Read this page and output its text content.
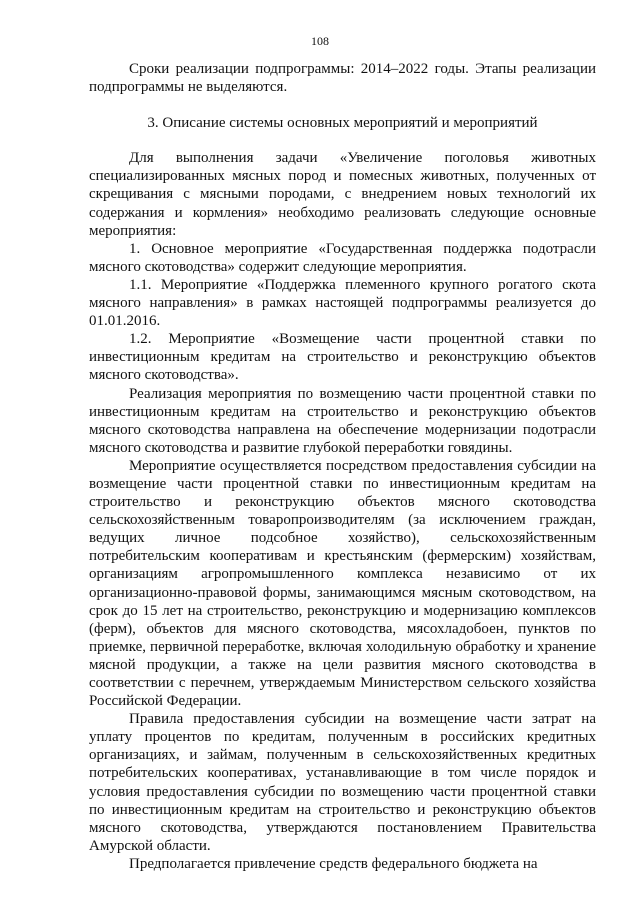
108

Сроки реализации подпрограммы: 2014–2022 годы. Этапы реализации подпрограммы не выделяются.

3. Описание системы основных мероприятий и мероприятий

Для выполнения задачи «Увеличение поголовья животных специализированных мясных пород и помесных животных, полученных от скрещивания с мясными породами, с внедрением новых технологий их содержания и кормления» необходимо реализовать следующие основные мероприятия:

1. Основное мероприятие «Государственная поддержка подотрасли мясного скотоводства» содержит следующие мероприятия.

1.1. Мероприятие «Поддержка племенного крупного рогатого скота мясного направления» в рамках настоящей подпрограммы реализуется до 01.01.2016.

1.2. Мероприятие «Возмещение части процентной ставки по инвестиционным кредитам на строительство и реконструкцию объектов мясного скотоводства».

Реализация мероприятия по возмещению части процентной ставки по инвестиционным кредитам на строительство и реконструкцию объектов мясного скотоводства направлена на обеспечение модернизации подотрасли мясного скотоводства и развитие глубокой переработки говядины.

Мероприятие осуществляется посредством предоставления субсидии на возмещение части процентной ставки по инвестиционным кредитам на строительство и реконструкцию объектов мясного скотоводства сельскохозяйственным товаропроизводителям (за исключением граждан, ведущих личное подсобное хозяйство), сельскохозяйственным потребительским кооперативам и крестьянским (фермерским) хозяйствам, организациям агропромышленного комплекса независимо от их организационно-правовой формы, занимающимся мясным скотоводством, на срок до 15 лет на строительство, реконструкцию и модернизацию комплексов (ферм), объектов для мясного скотоводства, мясохладобоен, пунктов по приемке, первичной переработке, включая холодильную обработку и хранение мясной продукции, а также на цели развития мясного скотоводства в соответствии с перечнем, утверждаемым Министерством сельского хозяйства Российской Федерации.

Правила предоставления субсидии на возмещение части затрат на уплату процентов по кредитам, полученным в российских кредитных организациях, и займам, полученным в сельскохозяйственных кредитных потребительских кооперативах, устанавливающие в том числе порядок и условия предоставления субсидии по возмещению части процентной ставки по инвестиционным кредитам на строительство и реконструкцию объектов мясного скотоводства, утверждаются постановлением Правительства Амурской области.

Предполагается привлечение средств федерального бюджета на
